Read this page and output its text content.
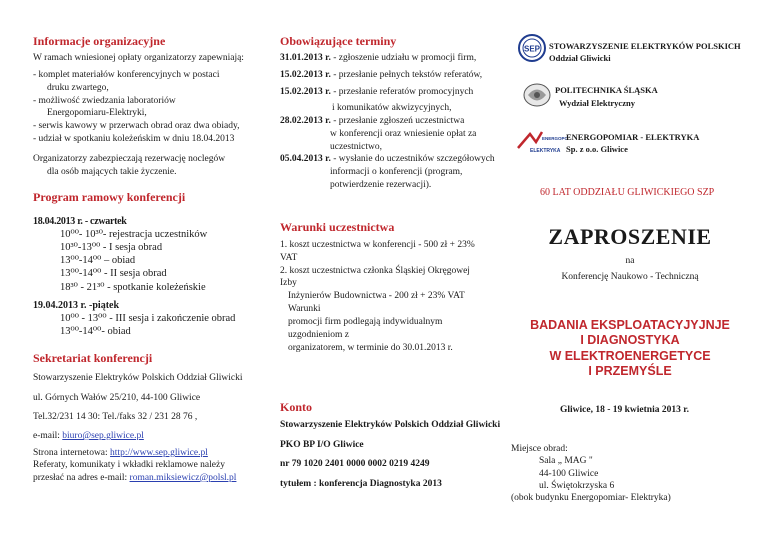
Informacje organizacyjne
W ramach wniesionej opłaty organizatorzy zapewniają:
- komplet materiałów konferencyjnych w postaci
druku zwartego,
- możliwość zwiedzania laboratoriów
Energopomiaru-Elektryki,
- serwis kawowy w przerwach obrad oraz dwa obiady,
- udział w spotkaniu koleżeńskim w dniu 18.04.2013
Organizatorzy zabezpieczają rezerwację noclegów
dla osób mających takie życzenie.
Program ramowy konferencji
18.04.2013 r. - czwartek
10⁰⁰- 10³⁰- rejestracja uczestników
10³⁰-13⁰⁰ - I sesja obrad
13⁰⁰-14⁰⁰ – obiad
13⁰⁰-14⁰⁰ - II sesja obrad
18³⁰ - 21³⁰ - spotkanie koleżeńskie
19.04.2013 r. -piątek
10⁰⁰ - 13⁰⁰ - III sesja i zakończenie obrad
13⁰⁰-14⁰⁰- obiad
Sekretariat konferencji
Stowarzyszenie Elektryków Polskich Oddział Gliwicki
ul. Górnych Wałów 25/210, 44-100 Gliwice
Tel.32/231 14 30: Tel./faks 32 / 231 28 76 ,
e-mail: biuro@sep.gliwice.pl
Strona internetowa: http://www.sep.gliwice.pl
Referaty, komunikaty i wkładki reklamowe należy
przesłać na adres e-mail: roman.miksiewicz@polsl.pl
Obowiązujące terminy
31.01.2013 r. - zgłoszenie udziału w promocji firm,
15.02.2013 r. - przesłanie pełnych tekstów referatów,
15.02.2013 r. - przesłanie referatów promocyjnych
i komunikatów akwizycyjnych,
28.02.2013 r. - przesłanie zgłoszeń uczestnictwa
w konferencji oraz wniesienie opłat za
uczestnictwo,
05.04.2013 r. - wysłanie do uczestników szczegółowych
informacji o konferencji (program,
potwierdzenie rezerwacji).
Warunki uczestnictwa
1. koszt uczestnictwa w konferencji - 500 zł + 23% VAT
2. koszt uczestnictwa członka Śląskiej Okręgowej Izby
Inżynierów Budownictwa - 200 zł + 23% VAT Warunki
promocji firm podlegają indywidualnym uzgodnieniom z
organizatorem, w terminie do 30.01.2013 r.
Konto
Stowarzyszenie Elektryków Polskich Oddział Gliwicki
PKO BP I/O Gliwice
nr 79 1020 2401 0000 0002 0219 4249
tytułem : konferencja Diagnostyka 2013
SEP STOWARZYSZENIE ELEKTRYKÓW POLSKICH
Oddział Gliwicki
POLITECHNIKA ŚLĄSKA
Wydział Elektryczny
ENERGOPO
ELEKTRYKA
ENERGOPOMIAR - ELEKTRYKA
Sp. z o.o. Gliwice
60 LAT ODDZIAŁU GLIWICKIEGO SZP
ZAPROSZENIE
na
Konferencję Naukowo - Techniczną
BADANIA EKSPLOATACYJYJNJE
I DIAGNOSTYKA
W ELEKTROENERGETYCE
I PRZEMYŚLE
Gliwice, 18 - 19 kwietnia 2013 r.
Miejsce obrad:
Sala „ MAG "
44-100 Gliwice
ul. Świętokrzyska 6
(obok budynku Energopomiar- Elektryka)
